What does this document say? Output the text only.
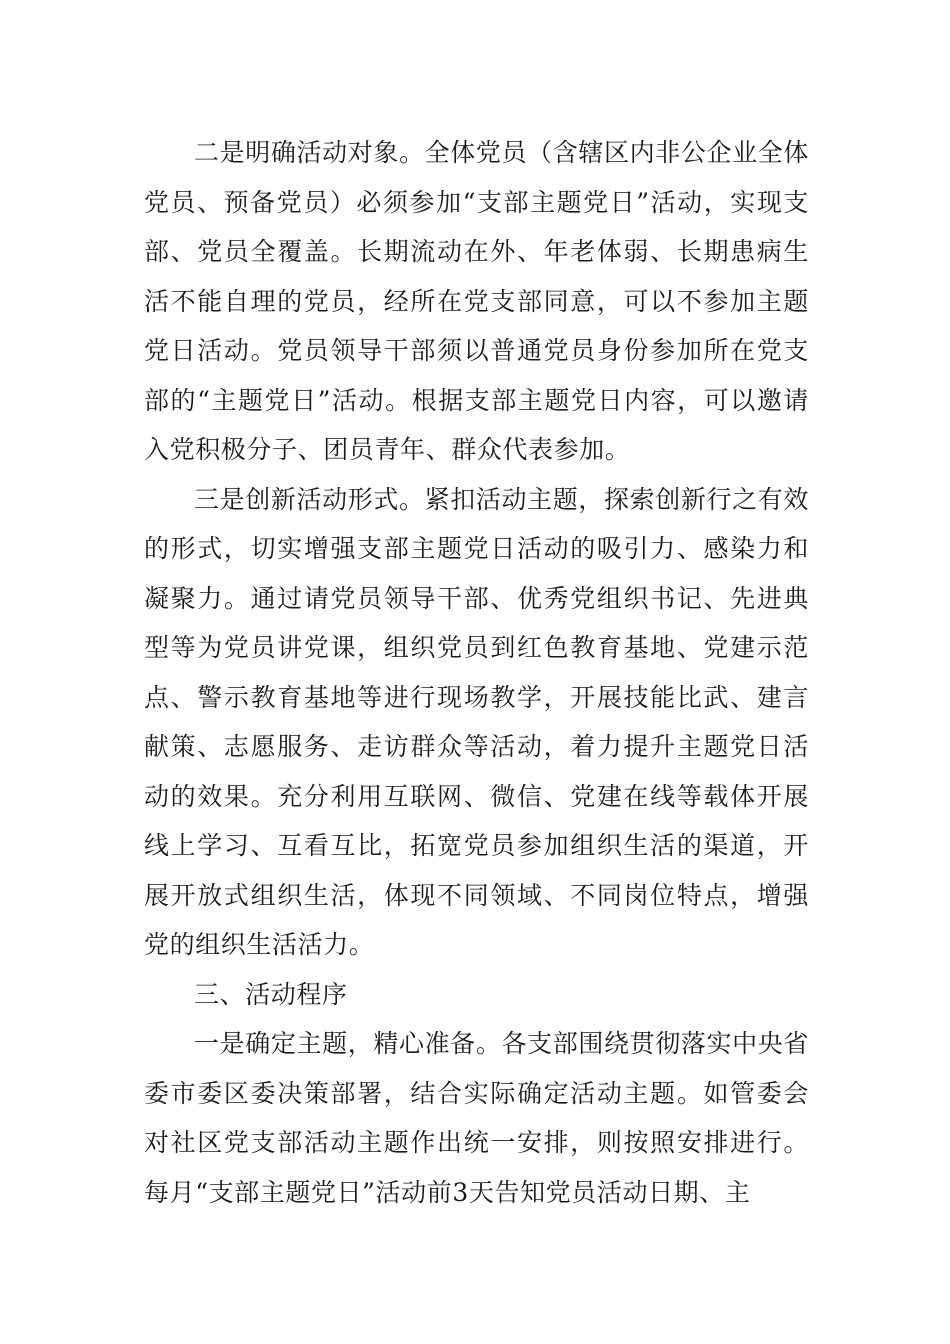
二是明确活动对象。全体党员（含辖区内非公企业全体党员、预备党员）必须参加“支部主题党日”活动，实现支部、党员全覆盖。长期流动在外、年老体弱、长期患病生活不能自理的党员，经所在党支部同意，可以不参加主题党日活动。党员领导干部须以普通党员身份参加所在党支部的“主题党日”活动。根据支部主题党日内容，可以邀请入党积极分子、团员青年、群众代表参加。

三是创新活动形式。紧扣活动主题，探索创新行之有效的形式，切实增强支部主题党日活动的吸引力、感染力和凝聚力。通过请党员领导干部、优秀党组织书记、先进典型等为党员讲党课，组织党员到红色教育基地、党建示范点、警示教育基地等进行现场教学，开展技能比武、建言献策、志愿服务、走访群众等活动，着力提升主题党日活动的效果。充分利用互联网、微信、党建在线等载体开展线上学习、互看互比，拓宽党员参加组织生活的渠道，开展开放式组织生活，体现不同领域、不同岗位特点，增强党的组织生活活力。

三、活动程序

一是确定主题，精心准备。各支部围绕贯彻落实中央省委市委区委决策部署，结合实际确定活动主题。如管委会对社区党支部活动主题作出统一安排，则按照安排进行。每月“支部主题党日”活动前3天告知党员活动日期、主
